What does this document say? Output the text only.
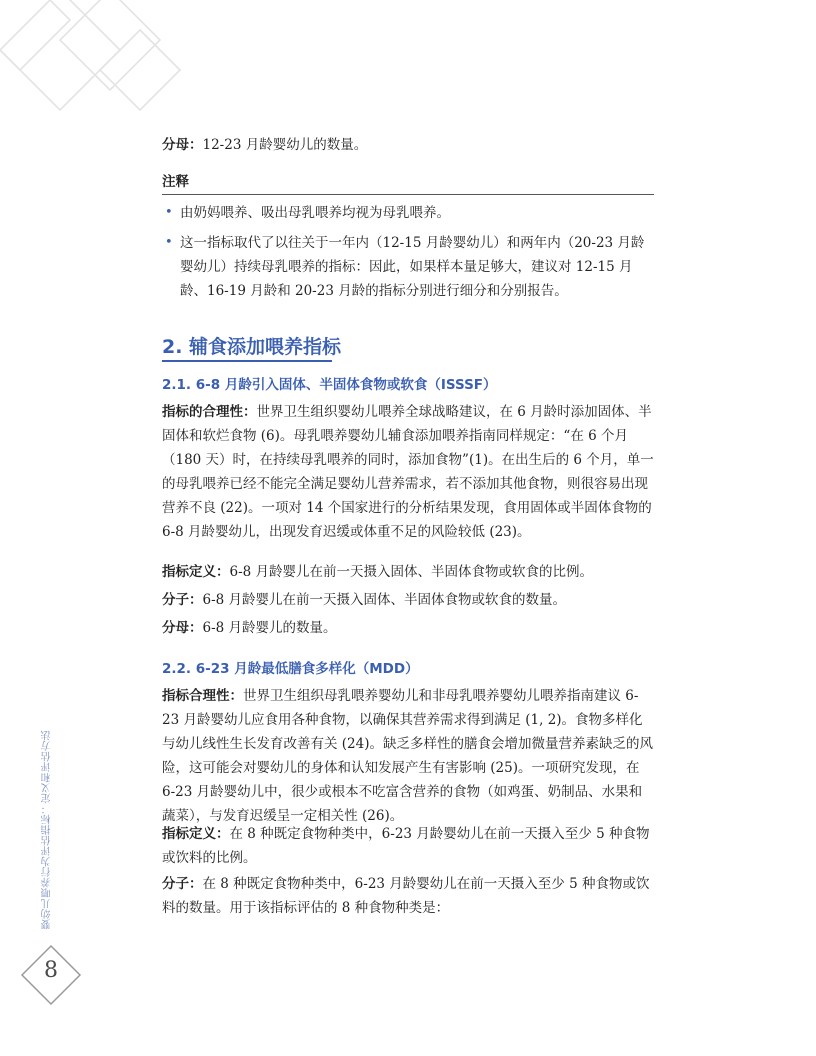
婴幼儿喂养行为评估指标：定义和评估方法
8

分母：12-23 月龄婴幼儿的数量。

注释
• 由奶妈喂养、吸出母乳喂养均视为母乳喂养。
• 这一指标取代了以往关于一年内（12-15 月龄婴幼儿）和两年内（20-23 月龄婴幼儿）持续母乳喂养的指标：因此，如果样本量足够大，建议对 12-15 月龄、16-19 月龄和 20-23 月龄的指标分别进行细分和分别报告。
2. 辅食添加喂养指标
2.1. 6-8 月龄引入固体、半固体食物或软食（ISSSF）

指标的合理性：世界卫生组织婴幼儿喂养全球战略建议，在 6 月龄时添加固体、半固体和软烂食物 (6)。母乳喂养婴幼儿辅食添加喂养指南同样规定：“在 6 个月（180 天）时，在持续母乳喂养的同时，添加食物”(1)。在出生后的 6 个月，单一的母乳喂养已经不能完全满足婴幼儿营养需求，若不添加其他食物，则很容易出现营养不良 (22)。一项对 14 个国家进行的分析结果发现，食用固体或半固体食物的 6-8 月龄婴幼儿，出现发育迟缓或体重不足的风险较低 (23)。

指标定义：6-8 月龄婴儿在前一天摄入固体、半固体食物或软食的比例。

分子：6-8 月龄婴儿在前一天摄入固体、半固体食物或软食的数量。

分母：6-8 月龄婴儿的数量。

2.2. 6-23 月龄最低膳食多样化（MDD）

指标合理性：世界卫生组织母乳喂养婴幼儿和非母乳喂养婴幼儿喂养指南建议 6-23 月龄婴幼儿应食用各种食物，以确保其营养需求得到满足 (1, 2)。食物多样化与幼儿线性生长发育改善有关 (24)。缺乏多样性的膳食会增加微量营养素缺乏的风险，这可能会对婴幼儿的身体和认知发展产生有害影响 (25)。一项研究发现，在 6-23 月龄婴幼儿中，很少或根本不吃富含营养的食物（如鸡蛋、奶制品、水果和蔬菜），与发育迟缓呈一定相关性 (26)。

指标定义：在 8 种既定食物种类中，6-23 月龄婴幼儿在前一天摄入至少 5 种食物或饮料的比例。

分子：在 8 种既定食物种类中，6-23 月龄婴幼儿在前一天摄入至少 5 种食物或饮料的数量。用于该指标评估的 8 种食物种类是：
